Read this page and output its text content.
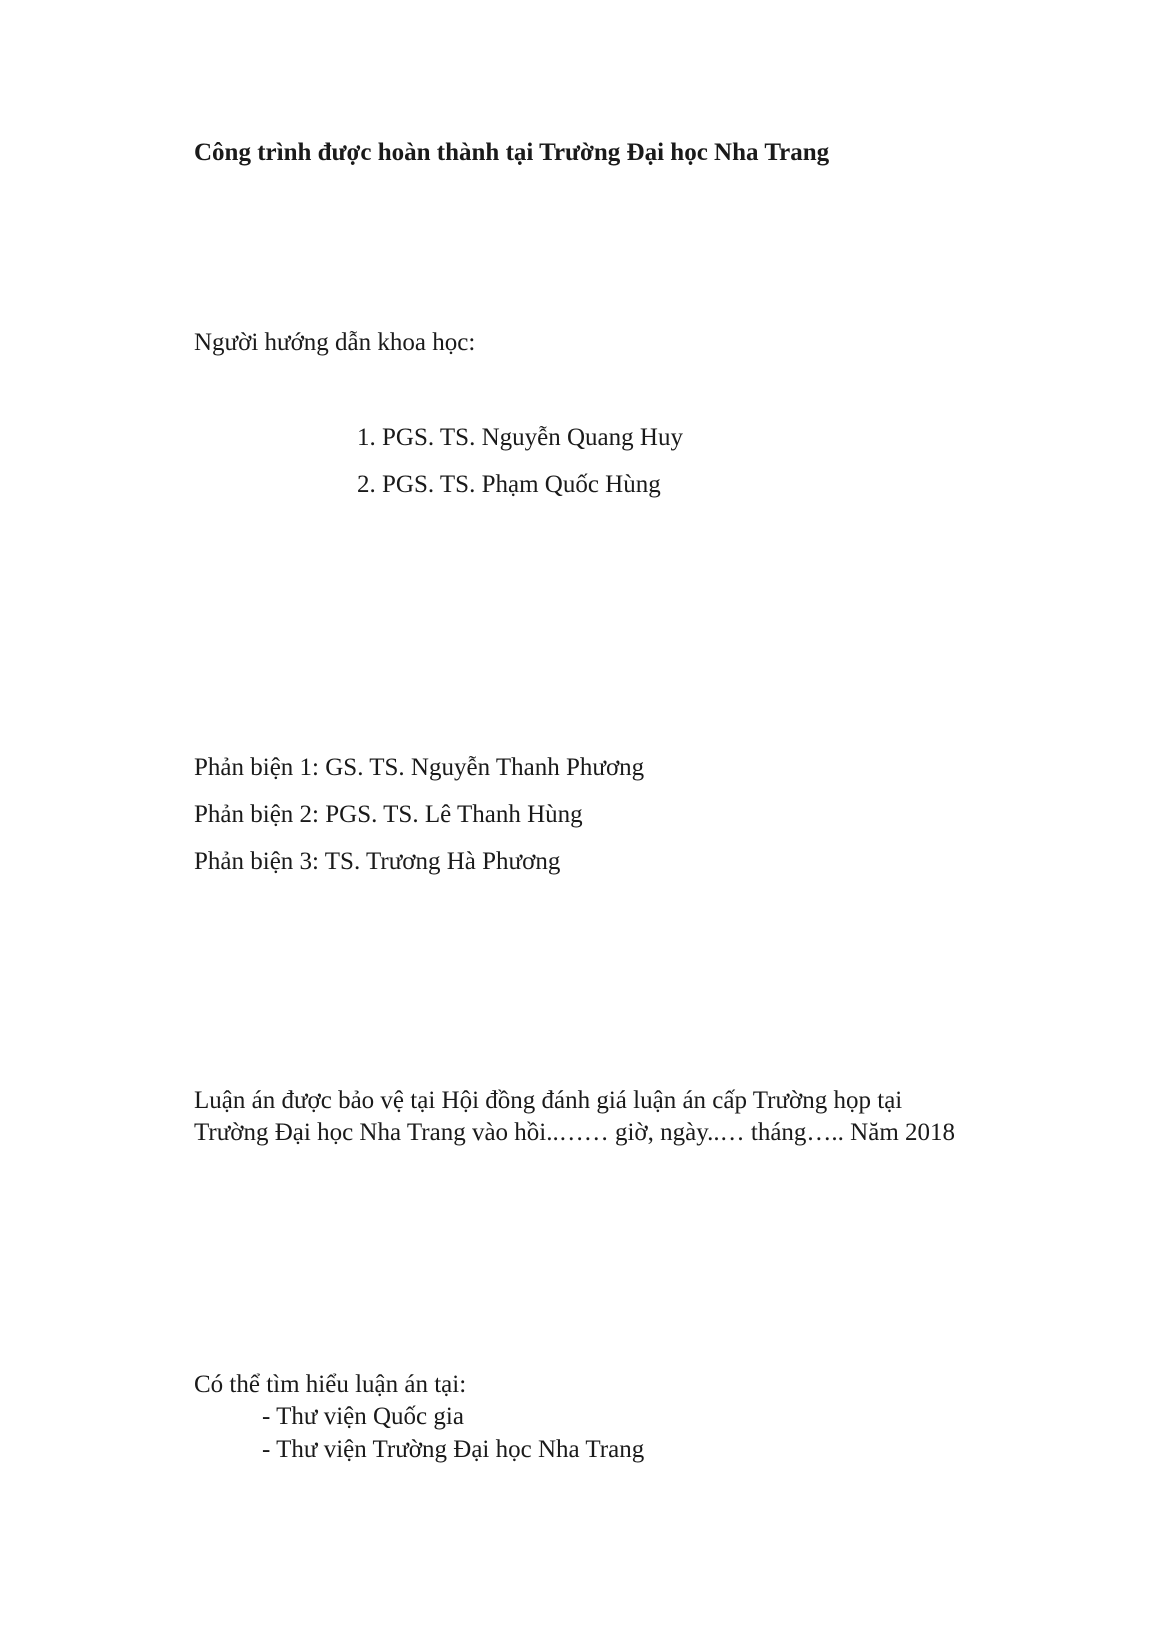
Công trình được hoàn thành tại Trường Đại học Nha Trang
Người hướng dẫn khoa học:
1. PGS. TS. Nguyễn Quang Huy
2. PGS. TS. Phạm Quốc Hùng
Phản biện 1: GS. TS. Nguyễn Thanh Phương
Phản biện 2: PGS. TS. Lê Thanh Hùng
Phản biện 3: TS. Trương Hà Phương
Luận án được bảo vệ tại Hội đồng đánh giá luận án cấp Trường họp tại
Trường Đại học Nha Trang vào hồi..…… giờ, ngày..… tháng….. Năm 2018
Có thể tìm hiểu luận án tại:
- Thư viện Quốc gia
- Thư viện Trường Đại học Nha Trang
